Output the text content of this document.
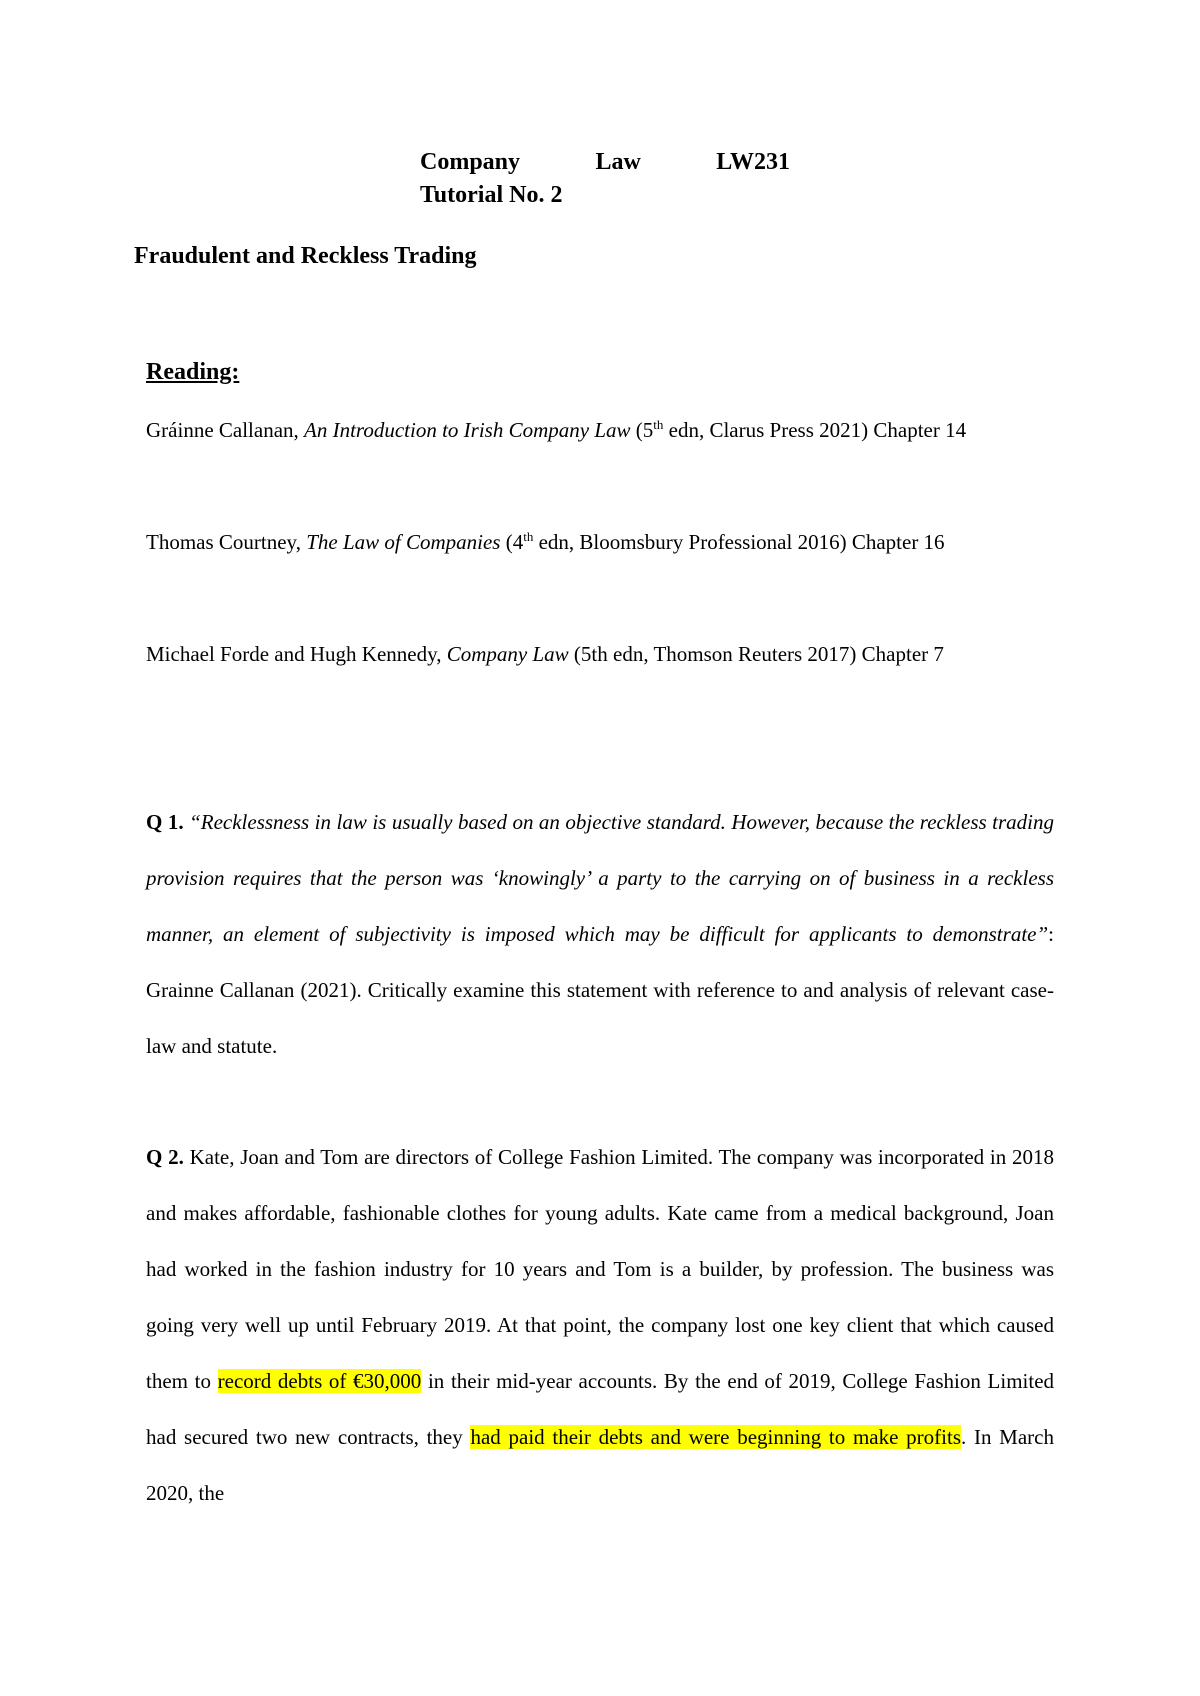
Company	Law	LW231
Tutorial No. 2
Fraudulent and Reckless Trading
Reading:
Gráinne Callanan, An Introduction to Irish Company Law (5th edn, Clarus Press 2021) Chapter 14
Thomas Courtney, The Law of Companies (4th edn, Bloomsbury Professional 2016) Chapter 16
Michael Forde and Hugh Kennedy, Company Law (5th edn, Thomson Reuters 2017) Chapter 7
Q 1. “Recklessness in law is usually based on an objective standard. However, because the reckless trading provision requires that the person was ‘knowingly’ a party to the carrying on of business in a reckless manner, an element of subjectivity is imposed which may be difficult for applicants to demonstrate”: Grainne Callanan (2021). Critically examine this statement with reference to and analysis of relevant case-law and statute.
Q 2. Kate, Joan and Tom are directors of College Fashion Limited. The company was incorporated in 2018 and makes affordable, fashionable clothes for young adults. Kate came from a medical background, Joan had worked in the fashion industry for 10 years and Tom is a builder, by profession. The business was going very well up until February 2019. At that point, the company lost one key client that which caused them to record debts of €30,000 in their mid-year accounts. By the end of 2019, College Fashion Limited had secured two new contracts, they had paid their debts and were beginning to make profits. In March 2020, the
